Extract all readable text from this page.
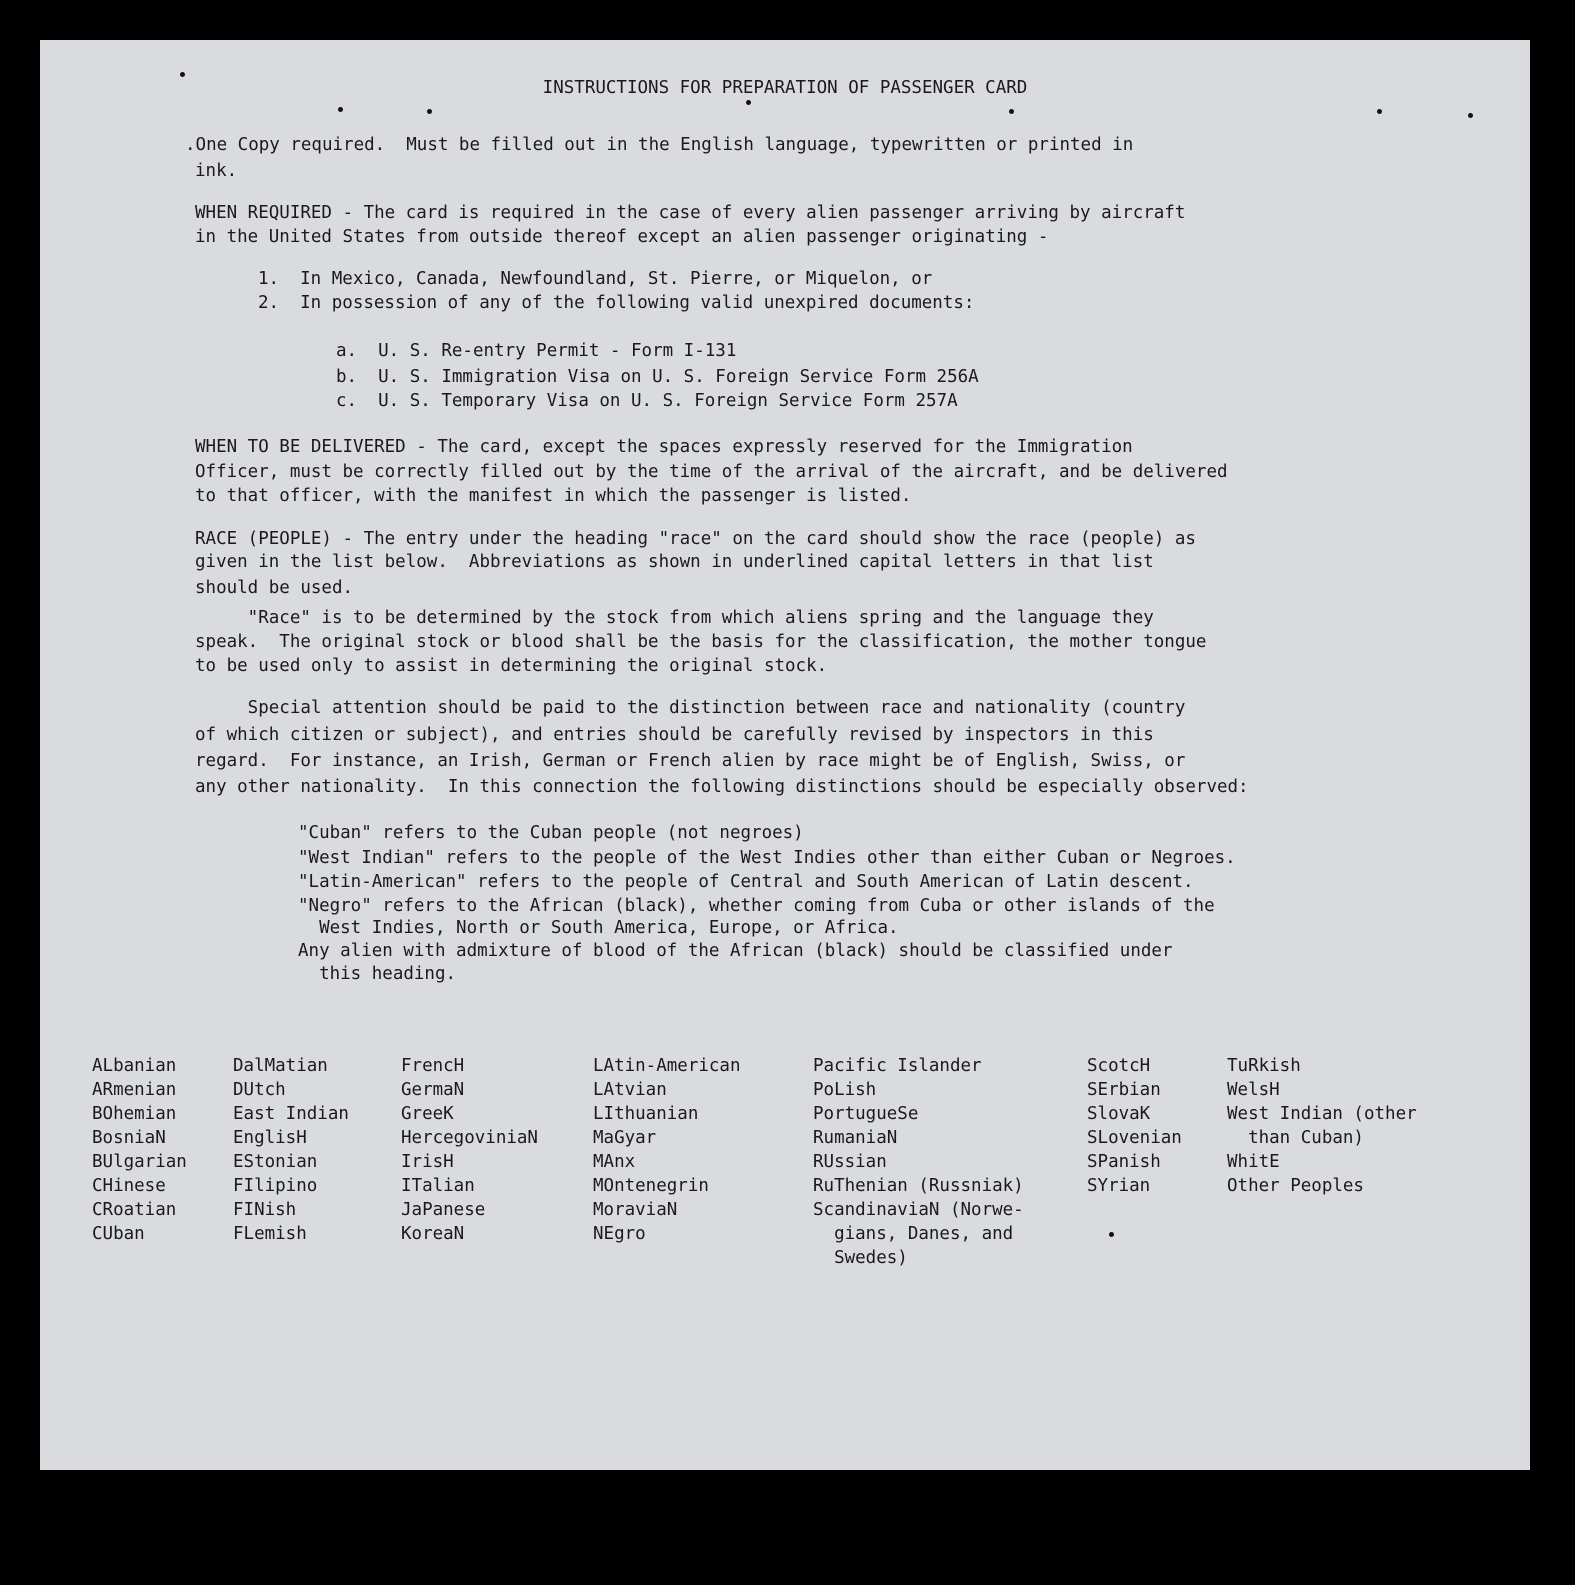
INSTRUCTIONS FOR PREPARATION OF PASSENGER CARD
.One Copy required.  Must be filled out in the English language, typewritten or printed in
ink.
WHEN REQUIRED - The card is required in the case of every alien passenger arriving by aircraft
in the United States from outside thereof except an alien passenger originating -
1.  In Mexico, Canada, Newfoundland, St. Pierre, or Miquelon, or
2.  In possession of any of the following valid unexpired documents:
a.  U. S. Re-entry Permit - Form I-131
b.  U. S. Immigration Visa on U. S. Foreign Service Form 256A
c.  U. S. Temporary Visa on U. S. Foreign Service Form 257A
WHEN TO BE DELIVERED - The card, except the spaces expressly reserved for the Immigration
Officer, must be correctly filled out by the time of the arrival of the aircraft, and be delivered
to that officer, with the manifest in which the passenger is listed.
RACE (PEOPLE) - The entry under the heading "race" on the card should show the race (people) as
given in the list below.  Abbreviations as shown in underlined capital letters in that list
should be used.
"Race" is to be determined by the stock from which aliens spring and the language they
speak.  The original stock or blood shall be the basis for the classification, the mother tongue
to be used only to assist in determining the original stock.
Special attention should be paid to the distinction between race and nationality (country
of which citizen or subject), and entries should be carefully revised by inspectors in this
regard.  For instance, an Irish, German or French alien by race might be of English, Swiss, or
any other nationality.  In this connection the following distinctions should be especially observed:
"Cuban" refers to the Cuban people (not negroes)
"West Indian" refers to the people of the West Indies other than either Cuban or Negroes.
"Latin-American" refers to the people of Central and South American of Latin descent.
"Negro" refers to the African (black), whether coming from Cuba or other islands of the
West Indies, North or South America, Europe, or Africa.
Any alien with admixture of blood of the African (black) should be classified under
this heading.
ALbanian
ARmenian
BOhemian
BosniaN
BUlgarian
CHinese
CRoatian
CUban
DalMatian
DUtch
East Indian
EnglisH
EStonian
FIlipino
FINish
FLemish
FrencH
GermaN
GreeK
HercegoviniaN
IrisH
ITalian
JaPanese
KoreaN
LAtin-American
LAtvian
LIthuanian
MaGyar
MAnx
MOntenegrin
MoraviaN
NEgro
Pacific Islander
PoLish
PortugueSe
RumaniaN
RUssian
RuThenian (Russniak)
ScandinaviaN (Norwe-
gians, Danes, and
Swedes)
ScotcH
SErbian
SlovaK
SLovenian
SPanish
SYrian
TuRkish
WelsH
West Indian (other
than Cuban)
WhitE
Other Peoples
